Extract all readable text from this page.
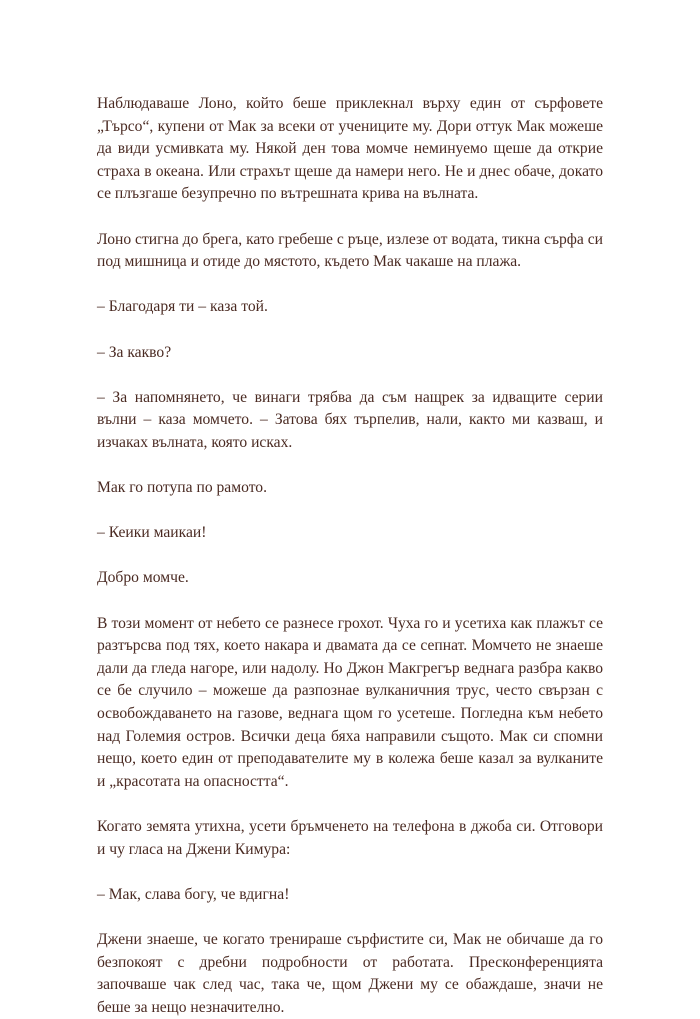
Наблюдаваше Лоно, който беше приклекнал върху един от сърфовете „Търсо“, купени от Мак за всеки от учениците му. Дори оттук Мак можеше да види усмивката му. Някой ден това момче неминуемо щеше да открие страха в океана. Или страхът щеше да намери него. Не и днес обаче, докато се плъзгаше безупречно по вътрешната крива на вълната.

Лоно стигна до брега, като гребеше с ръце, излезе от водата, тикна сърфа си под мишница и отиде до мястото, където Мак чакаше на плажа.

– Благодаря ти – каза той.

– За какво?

– За напомнянето, че винаги трябва да съм нащрек за идващите серии вълни – каза момчето. – Затова бях търпелив, нали, както ми казваш, и изчаках вълната, която исках.

Мак го потупа по рамото.

– Кеики маикаи!

Добро момче.

В този момент от небето се разнесе грохот. Чуха го и усетиха как плажът се разтърсва под тях, което накара и двамата да се сепнат. Момчето не знаеше дали да гледа нагоре, или надолу. Но Джон Макгрегър веднага разбра какво се бе случило – можеше да разпознае вулканичния трус, често свързан с освобождаването на газове, веднага щом го усетеше. Погледна към небето над Големия остров. Всички деца бяха направили същото. Мак си спомни нещо, което един от преподавателите му в колежа беше казал за вулканите и „красотата на опасността“.

Когато земята утихна, усети бръмченето на телефона в джоба си. Отговори и чу гласа на Джени Кимура:

– Мак, слава богу, че вдигна!

Джени знаеше, че когато тренираше сърфистите си, Мак не обичаше да го безпокоят с дребни подробности от работата. Пресконференцията започваше чак след час, така че, щом Джени му се обаждаше, значи не беше за нещо незначително.
